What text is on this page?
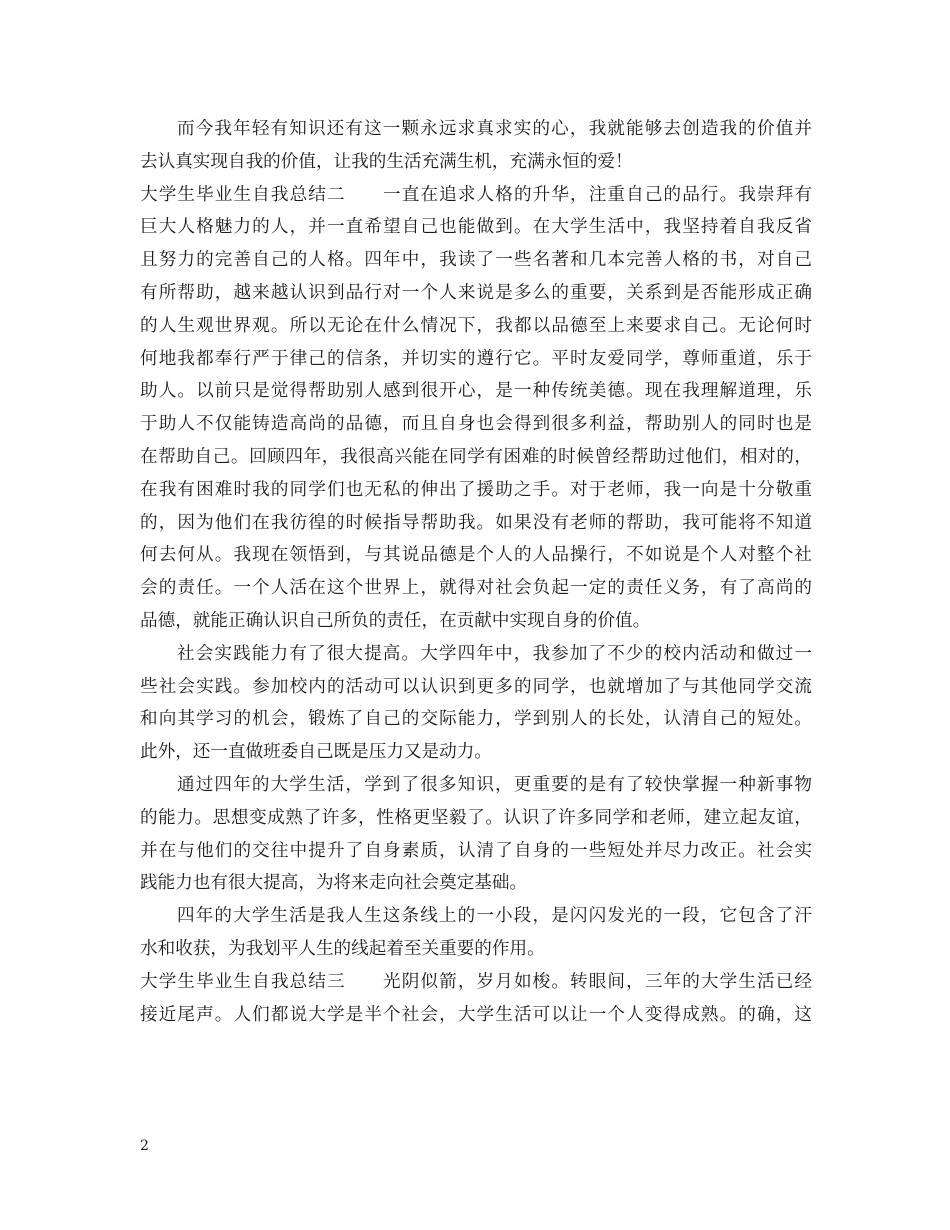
而今我年轻有知识还有这一颗永远求真求实的心，我就能够去创造我的价值并
去认真实现自我的价值，让我的生活充满生机，充满永恒的爱！
大学生毕业生自我总结二　　一直在追求人格的升华，注重自己的品行。我崇拜有
巨大人格魅力的人，并一直希望自己也能做到。在大学生活中，我坚持着自我反省
且努力的完善自己的人格。四年中，我读了一些名著和几本完善人格的书，对自己
有所帮助，越来越认识到品行对一个人来说是多么的重要，关系到是否能形成正确
的人生观世界观。所以无论在什么情况下，我都以品德至上来要求自己。无论何时
何地我都奉行严于律己的信条，并切实的遵行它。平时友爱同学，尊师重道，乐于
助人。以前只是觉得帮助别人感到很开心，是一种传统美德。现在我理解道理，乐
于助人不仅能铸造高尚的品德，而且自身也会得到很多利益，帮助别人的同时也是
在帮助自己。回顾四年，我很高兴能在同学有困难的时候曾经帮助过他们，相对的，
在我有困难时我的同学们也无私的伸出了援助之手。对于老师，我一向是十分敬重
的，因为他们在我彷徨的时候指导帮助我。如果没有老师的帮助，我可能将不知道
何去何从。我现在领悟到，与其说品德是个人的人品操行，不如说是个人对整个社
会的责任。一个人活在这个世界上，就得对社会负起一定的责任义务，有了高尚的
品德，就能正确认识自己所负的责任，在贡献中实现自身的价值。
社会实践能力有了很大提高。大学四年中，我参加了不少的校内活动和做过一
些社会实践。参加校内的活动可以认识到更多的同学，也就增加了与其他同学交流
和向其学习的机会，锻炼了自己的交际能力，学到别人的长处，认清自己的短处。
此外，还一直做班委自己既是压力又是动力。
通过四年的大学生活，学到了很多知识，更重要的是有了较快掌握一种新事物
的能力。思想变成熟了许多，性格更坚毅了。认识了许多同学和老师，建立起友谊，
并在与他们的交往中提升了自身素质，认清了自身的一些短处并尽力改正。社会实
践能力也有很大提高，为将来走向社会奠定基础。
四年的大学生活是我人生这条线上的一小段，是闪闪发光的一段，它包含了汗
水和收获，为我划平人生的线起着至关重要的作用。
大学生毕业生自我总结三　　光阴似箭，岁月如梭。转眼间，三年的大学生活已经
接近尾声。人们都说大学是半个社会，大学生活可以让一个人变得成熟。的确，这
2
